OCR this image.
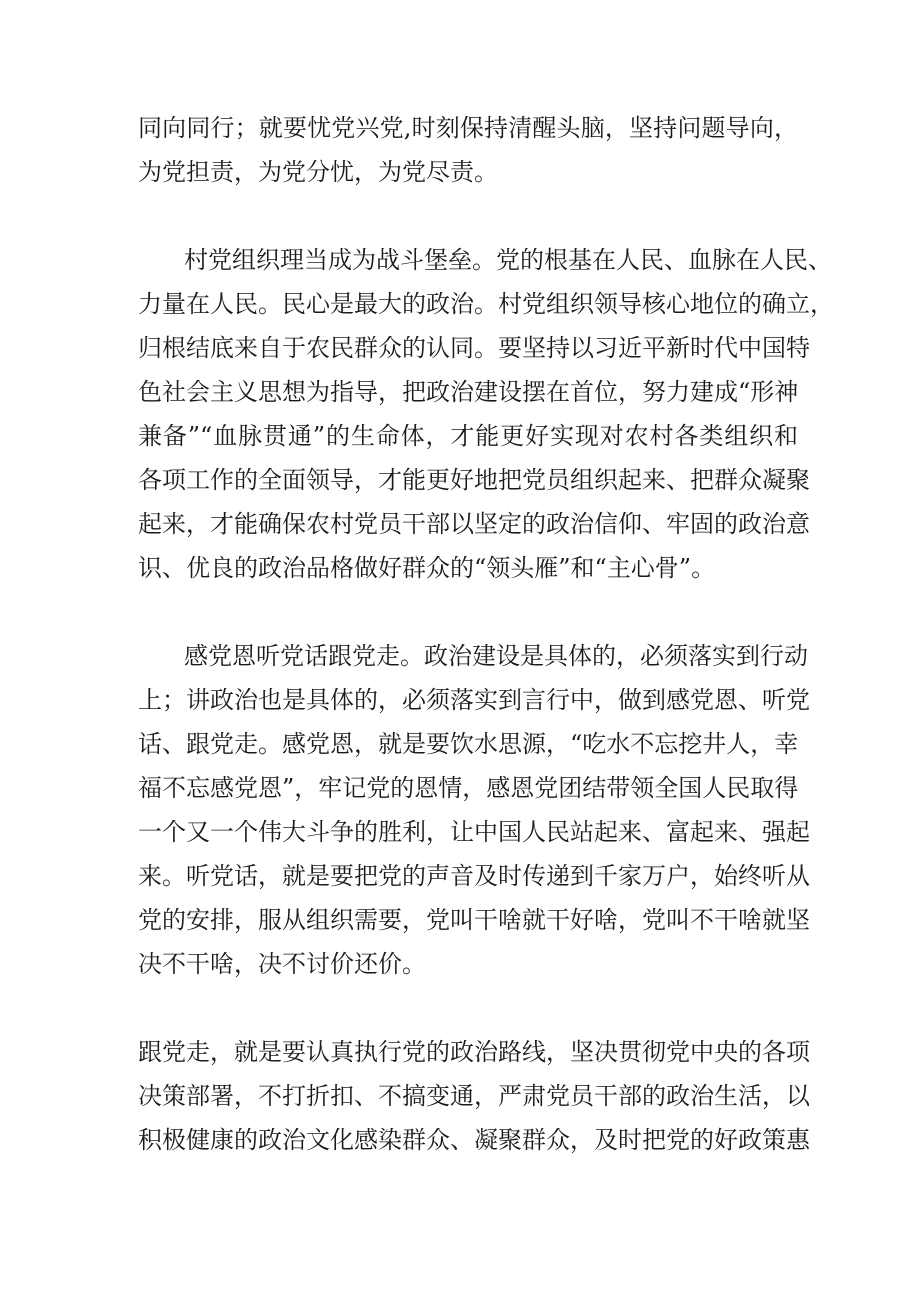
同向同行；就要忧党兴党,时刻保持清醒头脑，坚持问题导向，

为党担责，为党分忧，为党尽责。

村党组织理当成为战斗堡垒。党的根基在人民、血脉在人民、

力量在人民。民心是最大的政治。村党组织领导核心地位的确立，

归根结底来自于农民群众的认同。要坚持以习近平新时代中国特

色社会主义思想为指导，把政治建设摆在首位，努力建成“形神

兼备”“血脉贯通”的生命体，才能更好实现对农村各类组织和

各项工作的全面领导，才能更好地把党员组织起来、把群众凝聚

起来，才能确保农村党员干部以坚定的政治信仰、牢固的政治意

识、优良的政治品格做好群众的“领头雁”和“主心骨”。

感党恩听党话跟党走。政治建设是具体的，必须落实到行动

上；讲政治也是具体的，必须落实到言行中，做到感党恩、听党

话、跟党走。感党恩，就是要饮水思源，“吃水不忘挖井人，幸

福不忘感党恩”，牢记党的恩情，感恩党团结带领全国人民取得

一个又一个伟大斗争的胜利，让中国人民站起来、富起来、强起

来。听党话，就是要把党的声音及时传递到千家万户，始终听从

党的安排，服从组织需要，党叫干啥就干好啥，党叫不干啥就坚

决不干啥，决不讨价还价。

跟党走，就是要认真执行党的政治路线，坚决贯彻党中央的各项

决策部署，不打折扣、不搞变通，严肃党员干部的政治生活，以

积极健康的政治文化感染群众、凝聚群众，及时把党的好政策惠
